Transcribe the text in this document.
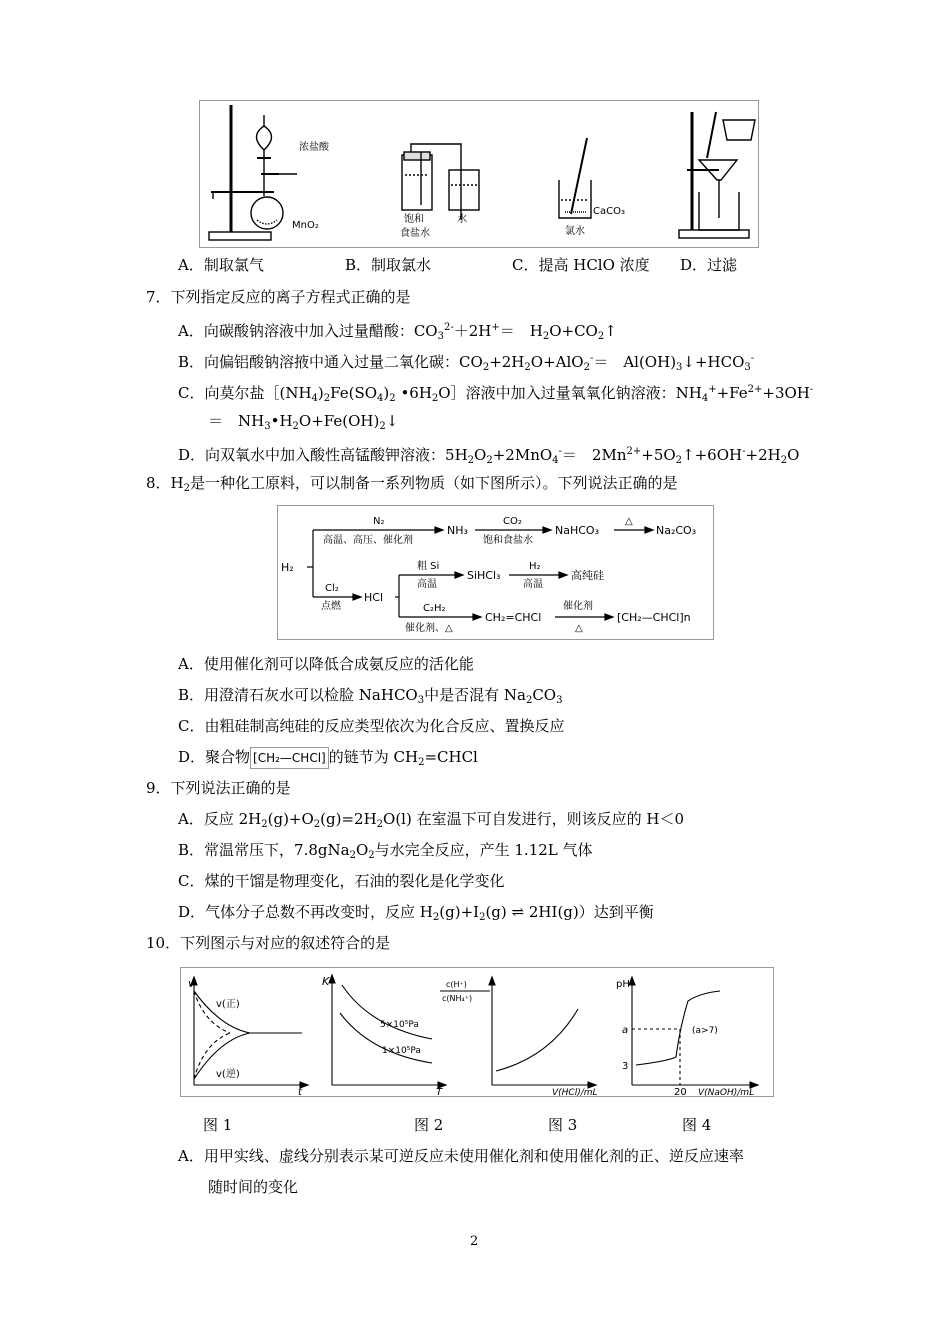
浓盐酸
MnO₂
饱和
食盐水
水
CaCO₃
氯水
A．制取氯气	B．制取氯水	C．提高 HClO 浓度 D．过滤
7．下列指定反应的离子方程式正确的是
A．向碳酸钠溶液中加入过量醋酸：$CO_3^{2-}+2H^+=$　$H_2O+CO_2↑$
B．向偏铝酸钠溶掖中通入过量二氧化碳：$CO_2+2H_2O+AlO_2^-=$　$Al(OH)_3↓+HCO_3^-$
C．向莫尔盐$[(NH_4)_2Fe(SO_4)_2$ $•6H_2O]$溶液中加入过量氧氧化钠溶液：$NH_4^++Fe^{2+}+3OH^-$
＝　$NH_3•H_2O+Fe(OH)_2↓$
D．向双氧水中加入酸性高锰酸钾溶液：$5H_2O_2+2MnO_4^-=$　$2Mn^{2+}+5O_2↑+6OH^-+2H_2O$
8．$H_2$是一种化工原料，可以制备一系列物质（如下图所示）。下列说法正确的是
H₂
N₂
高温、高压、催化剂
NH₃
CO₂
饱和食盐水
NaHCO₃
△
Na₂CO₃
Cl₂
点燃
HCl
粗 Si
高温
SiHCl₃
H₂
高温
高纯硅
C₂H₂
催化剂、△
CH₂=CHCl
催化剂
△
[CH₂—CHCl]n
A．使用催化剂可以降低合成氨反应的活化能
B．用澄清石灰水可以检脸 NaHCO$_3$中是否混有 $Na_2CO_3$
C．由粗硅制高纯硅的反应类型依次为化合反应、置换反应
D．聚合物 [CH₂—CHCl] 的链节为 $CH_2=CHCl$
9．下列说法正确的是
A．反应 $2H_2(g)+O_2(g)=2H_2O(l)$ 在室温下可自发进行，则该反应的 H＜0
B．常温常压下，$7.8gNa_2O_2$与水完全反应，产生 1.12L 气体
C．煤的干馏是物理变化，石油的裂化是化学变化
D．气体分子总数不再改变时，反应 $H_2(g)+I_2(g)$ ⇌ 2HI(g)）达到平衡
10．下列图示与对应的叙述符合的是
v
v(正)
v(逆)
t
K
5×10⁵Pa
1×10⁵Pa
T
c(H⁺)
c(NH₄⁺)
V(HCl)/mL
pH
a	(a>7)
3
20 V(NaOH)/mL
图 1	图 2	图 3	图 4
A．用甲实线、虚线分别表示某可逆反应未使用催化剂和使用催化剂的正、逆反应速率
随时间的变化
2
